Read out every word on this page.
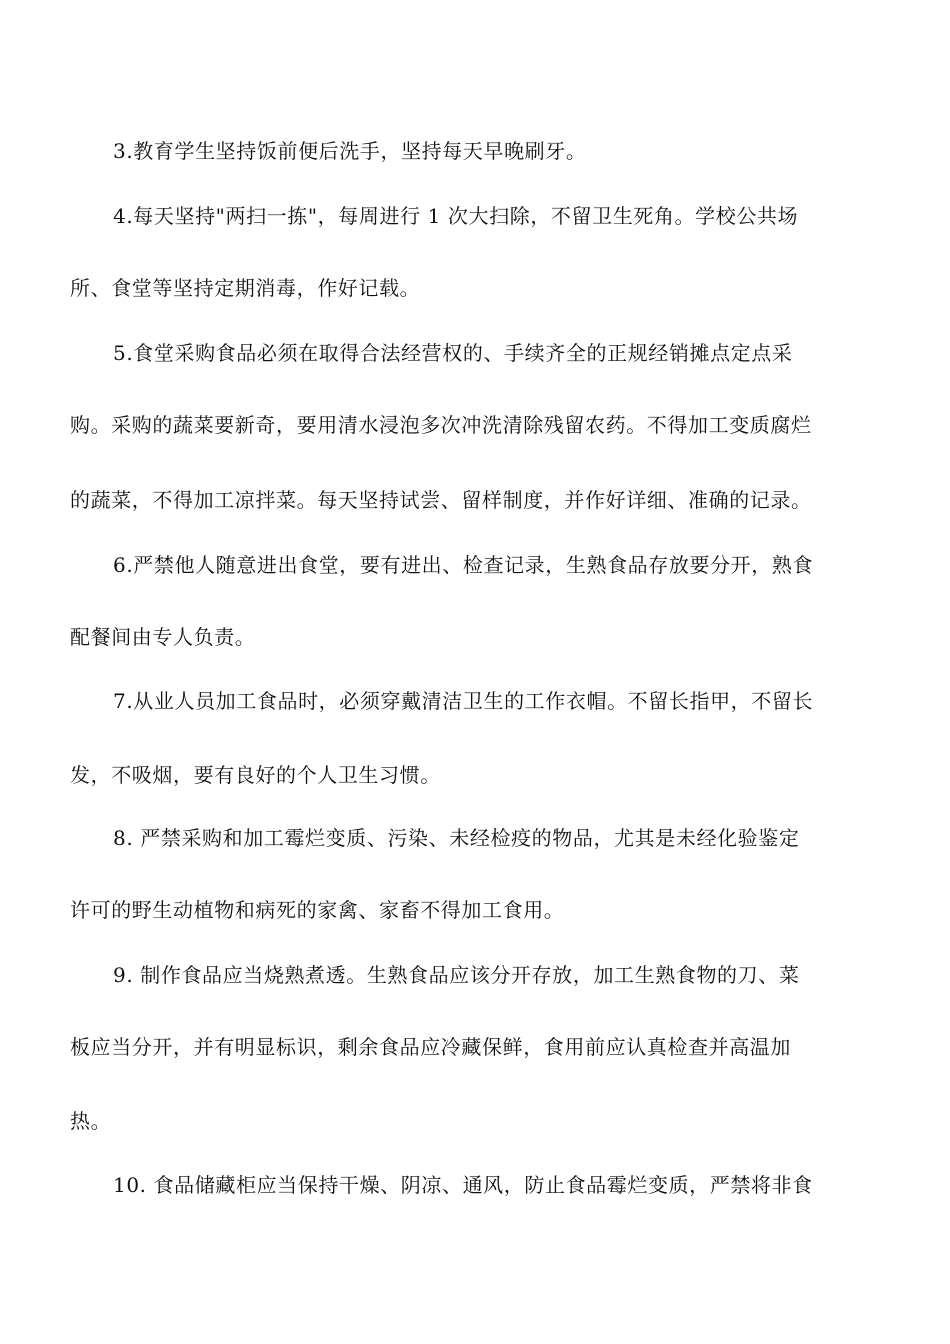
3.教育学生坚持饭前便后洗手，坚持每天早晚刷牙。
4.每天坚持"两扫一拣"，每周进行 1 次大扫除，不留卫生死角。学校公共场
所、食堂等坚持定期消毒，作好记载。
5.食堂采购食品必须在取得合法经营权的、手续齐全的正规经销摊点定点采
购。采购的蔬菜要新奇，要用清水浸泡多次冲洗清除残留农药。不得加工变质腐烂
的蔬菜，不得加工凉拌菜。每天坚持试尝、留样制度，并作好详细、准确的记录。
6.严禁他人随意进出食堂，要有进出、检查记录，生熟食品存放要分开，熟食
配餐间由专人负责。
7.从业人员加工食品时，必须穿戴清洁卫生的工作衣帽。不留长指甲，不留长
发，不吸烟，要有良好的个人卫生习惯。
8. 严禁采购和加工霉烂变质、污染、未经检疫的物品，尤其是未经化验鉴定
许可的野生动植物和病死的家禽、家畜不得加工食用。
9. 制作食品应当烧熟煮透。生熟食品应该分开存放，加工生熟食物的刀、菜
板应当分开，并有明显标识，剩余食品应冷藏保鲜，食用前应认真检查并高温加
热。
10. 食品储藏柜应当保持干燥、阴凉、通风，防止食品霉烂变质，严禁将非食
